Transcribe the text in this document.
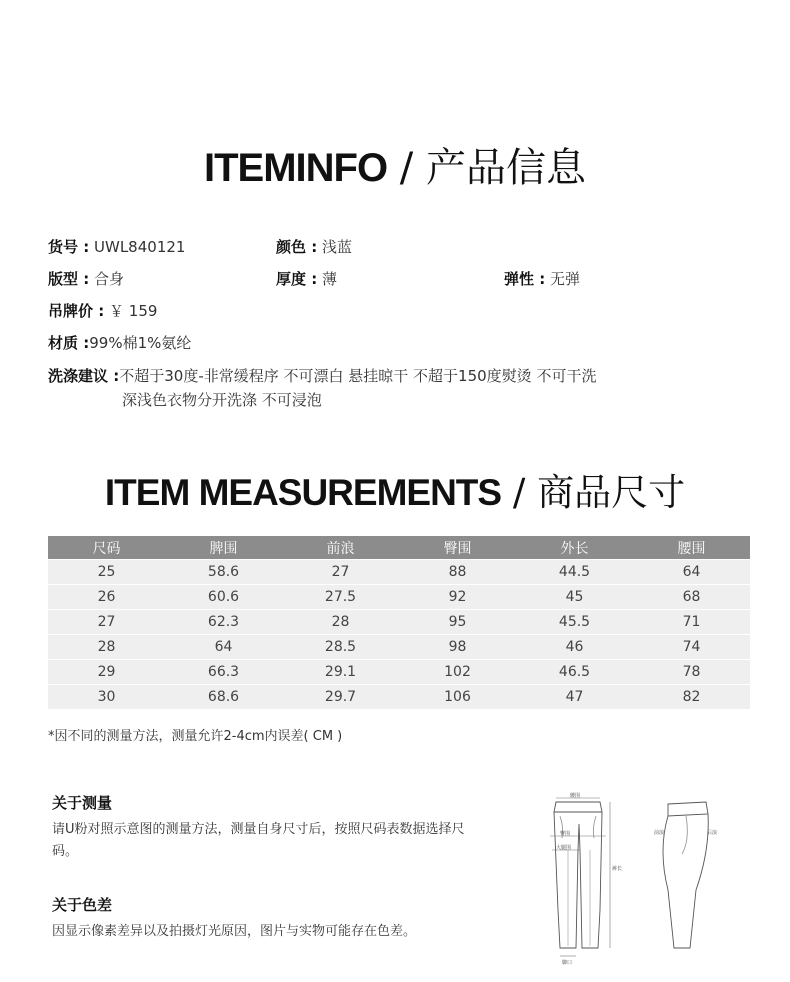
ITEMINFO / 产品信息
货号 : UWL840121	颜色 : 浅蓝
版型 : 合身	厚度 : 薄	弹性 : 无弹
吊牌价 : ￥ 159
材质 :99%棉1%氨纶
洗涤建议 :不超于30度-非常缓程序 不可漂白 悬挂晾干 不超于150度熨烫 不可干洗
深浅色衣物分开洗涤 不可浸泡
ITEM MEASUREMENTS / 商品尺寸
尺码	脾围	前浪	臀围	外长	腰围
25	58.6	27	88	44.5	64
26	60.6	27.5	92	45	68
27	62.3	28	95	45.5	71
28	64	28.5	98	46	74
29	66.3	29.1	102	46.5	78
30	68.6	29.7	106	47	82
*因不同的测量方法，测量允许2-4cm内误差( CM )
关于测量
请U粉对照示意图的测量方法，测量自身尺寸后，按照尺码表数据选择尺码。
关于色差
因显示像素差异以及拍摄灯光原因，图片与实物可能存在色差。
腰围
臀围
大腿围
裤长
脚口
前浪	后浪
